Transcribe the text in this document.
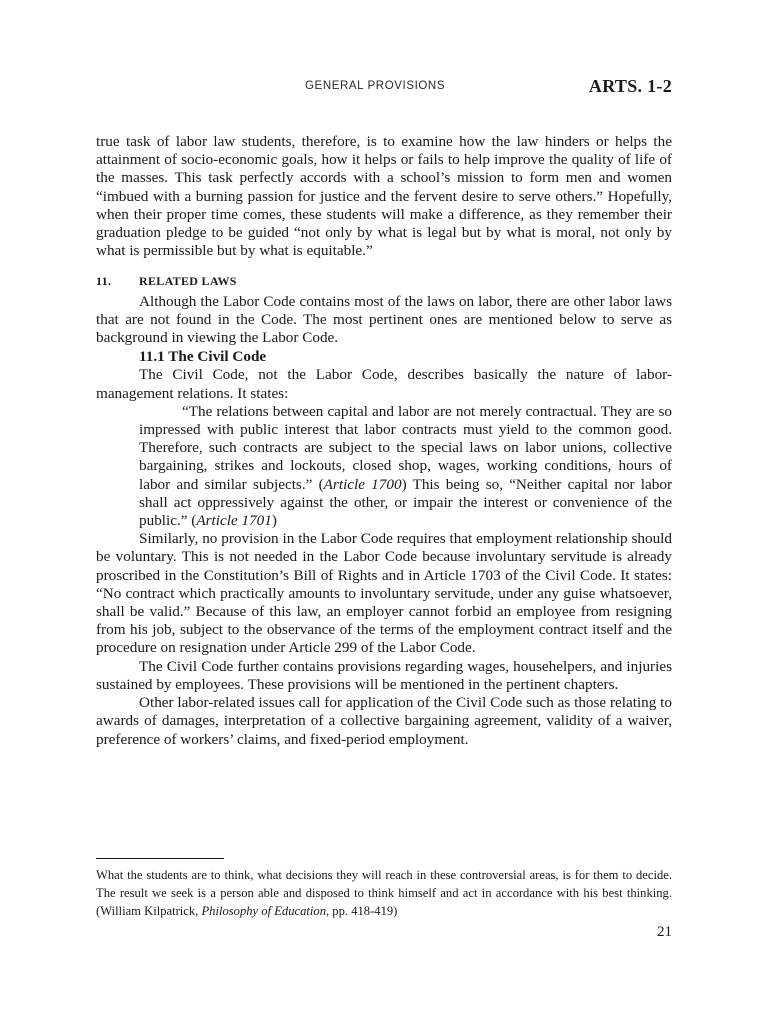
GENERAL PROVISIONS	ARTS. 1-2

true task of labor law students, therefore, is to examine how the law hinders or helps the attainment of socio-economic goals, how it helps or fails to help improve the quality of life of the masses. This task perfectly accords with a school’s mission to form men and women “imbued with a burning passion for justice and the fervent desire to serve others.” Hopefully, when their proper time comes, these students will make a difference, as they remember their graduation pledge to be guided “not only by what is legal but by what is moral, not only by what is permissible but by what is equitable.”

11.	RELATED LAWS

Although the Labor Code contains most of the laws on labor, there are other labor laws that are not found in the Code. The most pertinent ones are mentioned below to serve as background in viewing the Labor Code.

11.1 The Civil Code

The Civil Code, not the Labor Code, describes basically the nature of labor-management relations. It states:

“The relations between capital and labor are not merely contractual. They are so impressed with public interest that labor contracts must yield to the common good. Therefore, such contracts are subject to the special laws on labor unions, collective bargaining, strikes and lockouts, closed shop, wages, working conditions, hours of labor and similar subjects.” (Article 1700) This being so, “Neither capital nor labor shall act oppressively against the other, or impair the interest or convenience of the public.” (Article 1701)

Similarly, no provision in the Labor Code requires that employment relationship should be voluntary. This is not needed in the Labor Code because involuntary servitude is already proscribed in the Constitution’s Bill of Rights and in Article 1703 of the Civil Code. It states: “No contract which practically amounts to involuntary servitude, under any guise whatsoever, shall be valid.” Because of this law, an employer cannot forbid an employee from resigning from his job, subject to the observance of the terms of the employment contract itself and the procedure on resignation under Article 299 of the Labor Code.

The Civil Code further contains provisions regarding wages, househelpers, and injuries sustained by employees. These provisions will be mentioned in the pertinent chapters.

Other labor-related issues call for application of the Civil Code such as those relating to awards of damages, interpretation of a collective bargaining agreement, validity of a waiver, preference of workers’ claims, and fixed-period employment.

What the students are to think, what decisions they will reach in these controversial areas, is for them to decide. The result we seek is a person able and disposed to think himself and act in accordance with his best thinking. (William Kilpatrick, Philosophy of Education, pp. 418-419)
21
